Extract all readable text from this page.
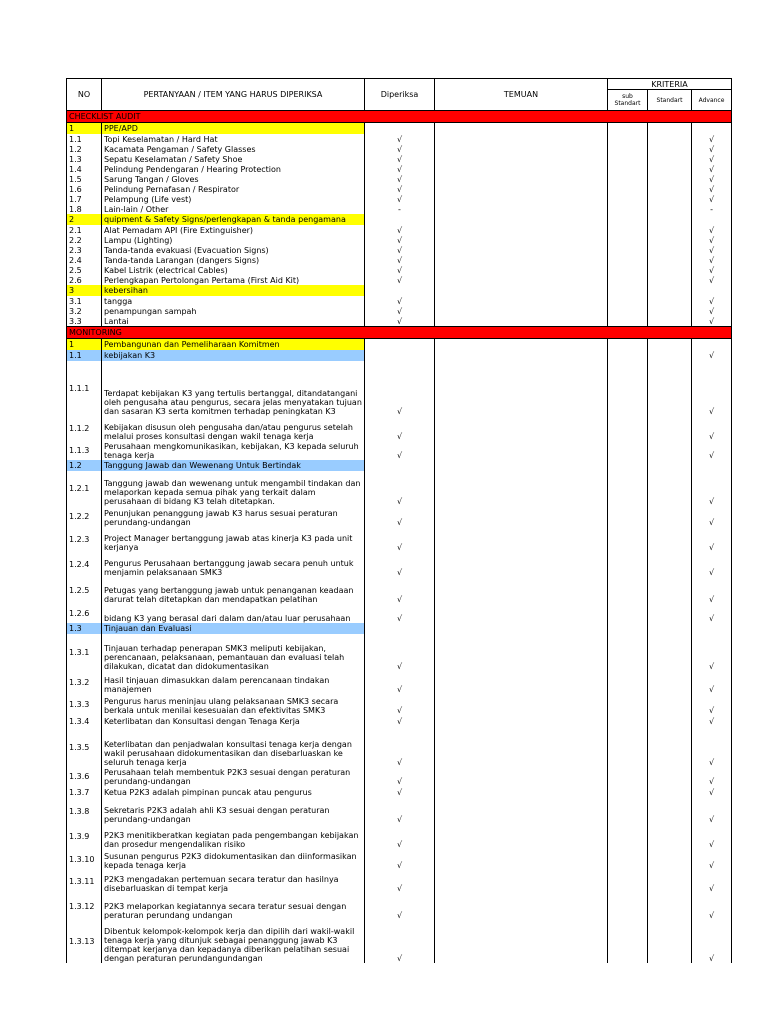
NO	PERTANYAAN / ITEM YANG HARUS DIPERIKSA	Diperiksa	TEMUAN	KRITERIA		
				sub Standart	Standart	Advance
CHECKLIST AUDIT						
1	PPE/APD					
1.1	Topi Keselamatan / Hard Hat	√				√
1.2	Kacamata Pengaman / Safety Glasses	√				√
1.3	Sepatu Keselamatan / Safety Shoe	√				√
1.4	Pelindung Pendengaran / Hearing Protection	√				√
1.5	Sarung Tangan / Gloves	√				√
1.6	Pelindung Pernafasan / Respirator	√				√
1.7	Pelampung (Life vest)	√				√
1.8	Lain-lain / Other	-				-
2	quipment & Safety Signs/perlengkapan & tanda pengamana					
2.1	Alat Pemadam API (Fire Extinguisher)	√				√
2.2	Lampu (Lighting)	√				√
2.3	Tanda-tanda evakuasi (Evacuation Signs)	√				√
2.4	Tanda-tanda Larangan (dangers Signs)	√				√
2.5	Kabel Listrik (electrical Cables)	√				√
2.6	Perlengkapan Pertolongan Pertama (First Aid Kit)	√				√
3	kebersihan					
3.1	tangga	√				√
3.2	penampungan sampah	√				√
3.3	Lantai	√				√
MONITORING						
1	Pembangunan dan Pemeliharaan Komitmen					
1.1	kebijakan K3					√
1.1.1	Terdapat kebijakan K3 yang tertulis bertanggal, ditandatangani oleh pengusaha atau pengurus, secara jelas menyatakan tujuan dan sasaran K3 serta komitmen terhadap peningkatan K3	√				√
1.1.2	Kebijakan disusun oleh pengusaha dan/atau pengurus setelah melalui proses konsultasi dengan wakil tenaga kerja	√				√
1.1.3	Perusahaan mengkomunikasikan, kebijakan, K3 kepada seluruh tenaga kerja	√				√
1.2	Tanggung Jawab dan Wewenang Untuk Bertindak					
1.2.1	Tanggung jawab dan wewenang untuk mengambil tindakan dan melaporkan kepada semua pihak yang terkait dalam perusahaan di bidang K3 telah ditetapkan.	√				√
1.2.2	Penunjukan penanggung jawab K3 harus sesuai peraturan perundang-undangan	√				√
1.2.3	Project Manager bertanggung jawab atas kinerja K3 pada unit kerjanya	√				√
1.2.4	Pengurus Perusahaan bertanggung jawab secara penuh untuk menjamin pelaksanaan SMK3	√				√
1.2.5	Petugas yang bertanggung jawab untuk penanganan keadaan darurat telah ditetapkan dan mendapatkan pelatihan	√				√
1.2.6	bidang K3 yang berasal dari dalam dan/atau luar perusahaan	√				√
1.3	Tinjauan dan Evaluasi					
1.3.1	Tinjauan terhadap penerapan SMK3 meliputi kebijakan, perencanaan, pelaksanaan, pemantauan dan evaluasi telah dilakukan, dicatat dan didokumentasikan	√				√
1.3.2	Hasil tinjauan dimasukkan dalam perencanaan tindakan manajemen	√				√
1.3.3	Pengurus harus meninjau ulang pelaksanaan SMK3 secara berkala untuk menilai kesesuaian dan efektivitas SMK3	√				√
1.3.4	Keterlibatan dan Konsultasi dengan Tenaga Kerja	√				√
1.3.5	Keterlibatan dan penjadwalan konsultasi tenaga kerja dengan wakil perusahaan didokumentasikan dan disebarluaskan ke seluruh tenaga kerja	√				√
1.3.6	Perusahaan telah membentuk P2K3 sesuai dengan peraturan perundang-undangan	√				√
1.3.7	Ketua P2K3 adalah pimpinan puncak atau pengurus	√				√
1.3.8	Sekretaris P2K3 adalah ahli K3 sesuai dengan peraturan perundang-undangan	√				√
1.3.9	P2K3 menitikberatkan kegiatan pada pengembangan kebijakan dan prosedur mengendalikan risiko	√				√
1.3.10	Susunan pengurus P2K3 didokumentasikan dan diinformasikan kepada tenaga kerja	√				√
1.3.11	P2K3 mengadakan pertemuan secara teratur dan hasilnya disebarluaskan di tempat kerja	√				√
1.3.12	P2K3 melaporkan kegiatannya secara teratur sesuai dengan peraturan perundang undangan	√				√
1.3.13	Dibentuk kelompok-kelompok kerja dan dipilih dari wakil-wakil tenaga kerja yang ditunjuk sebagai penanggung jawab K3 ditempat kerjanya dan kepadanya diberikan pelatihan sesuai dengan peraturan perundangundangan	√				√
